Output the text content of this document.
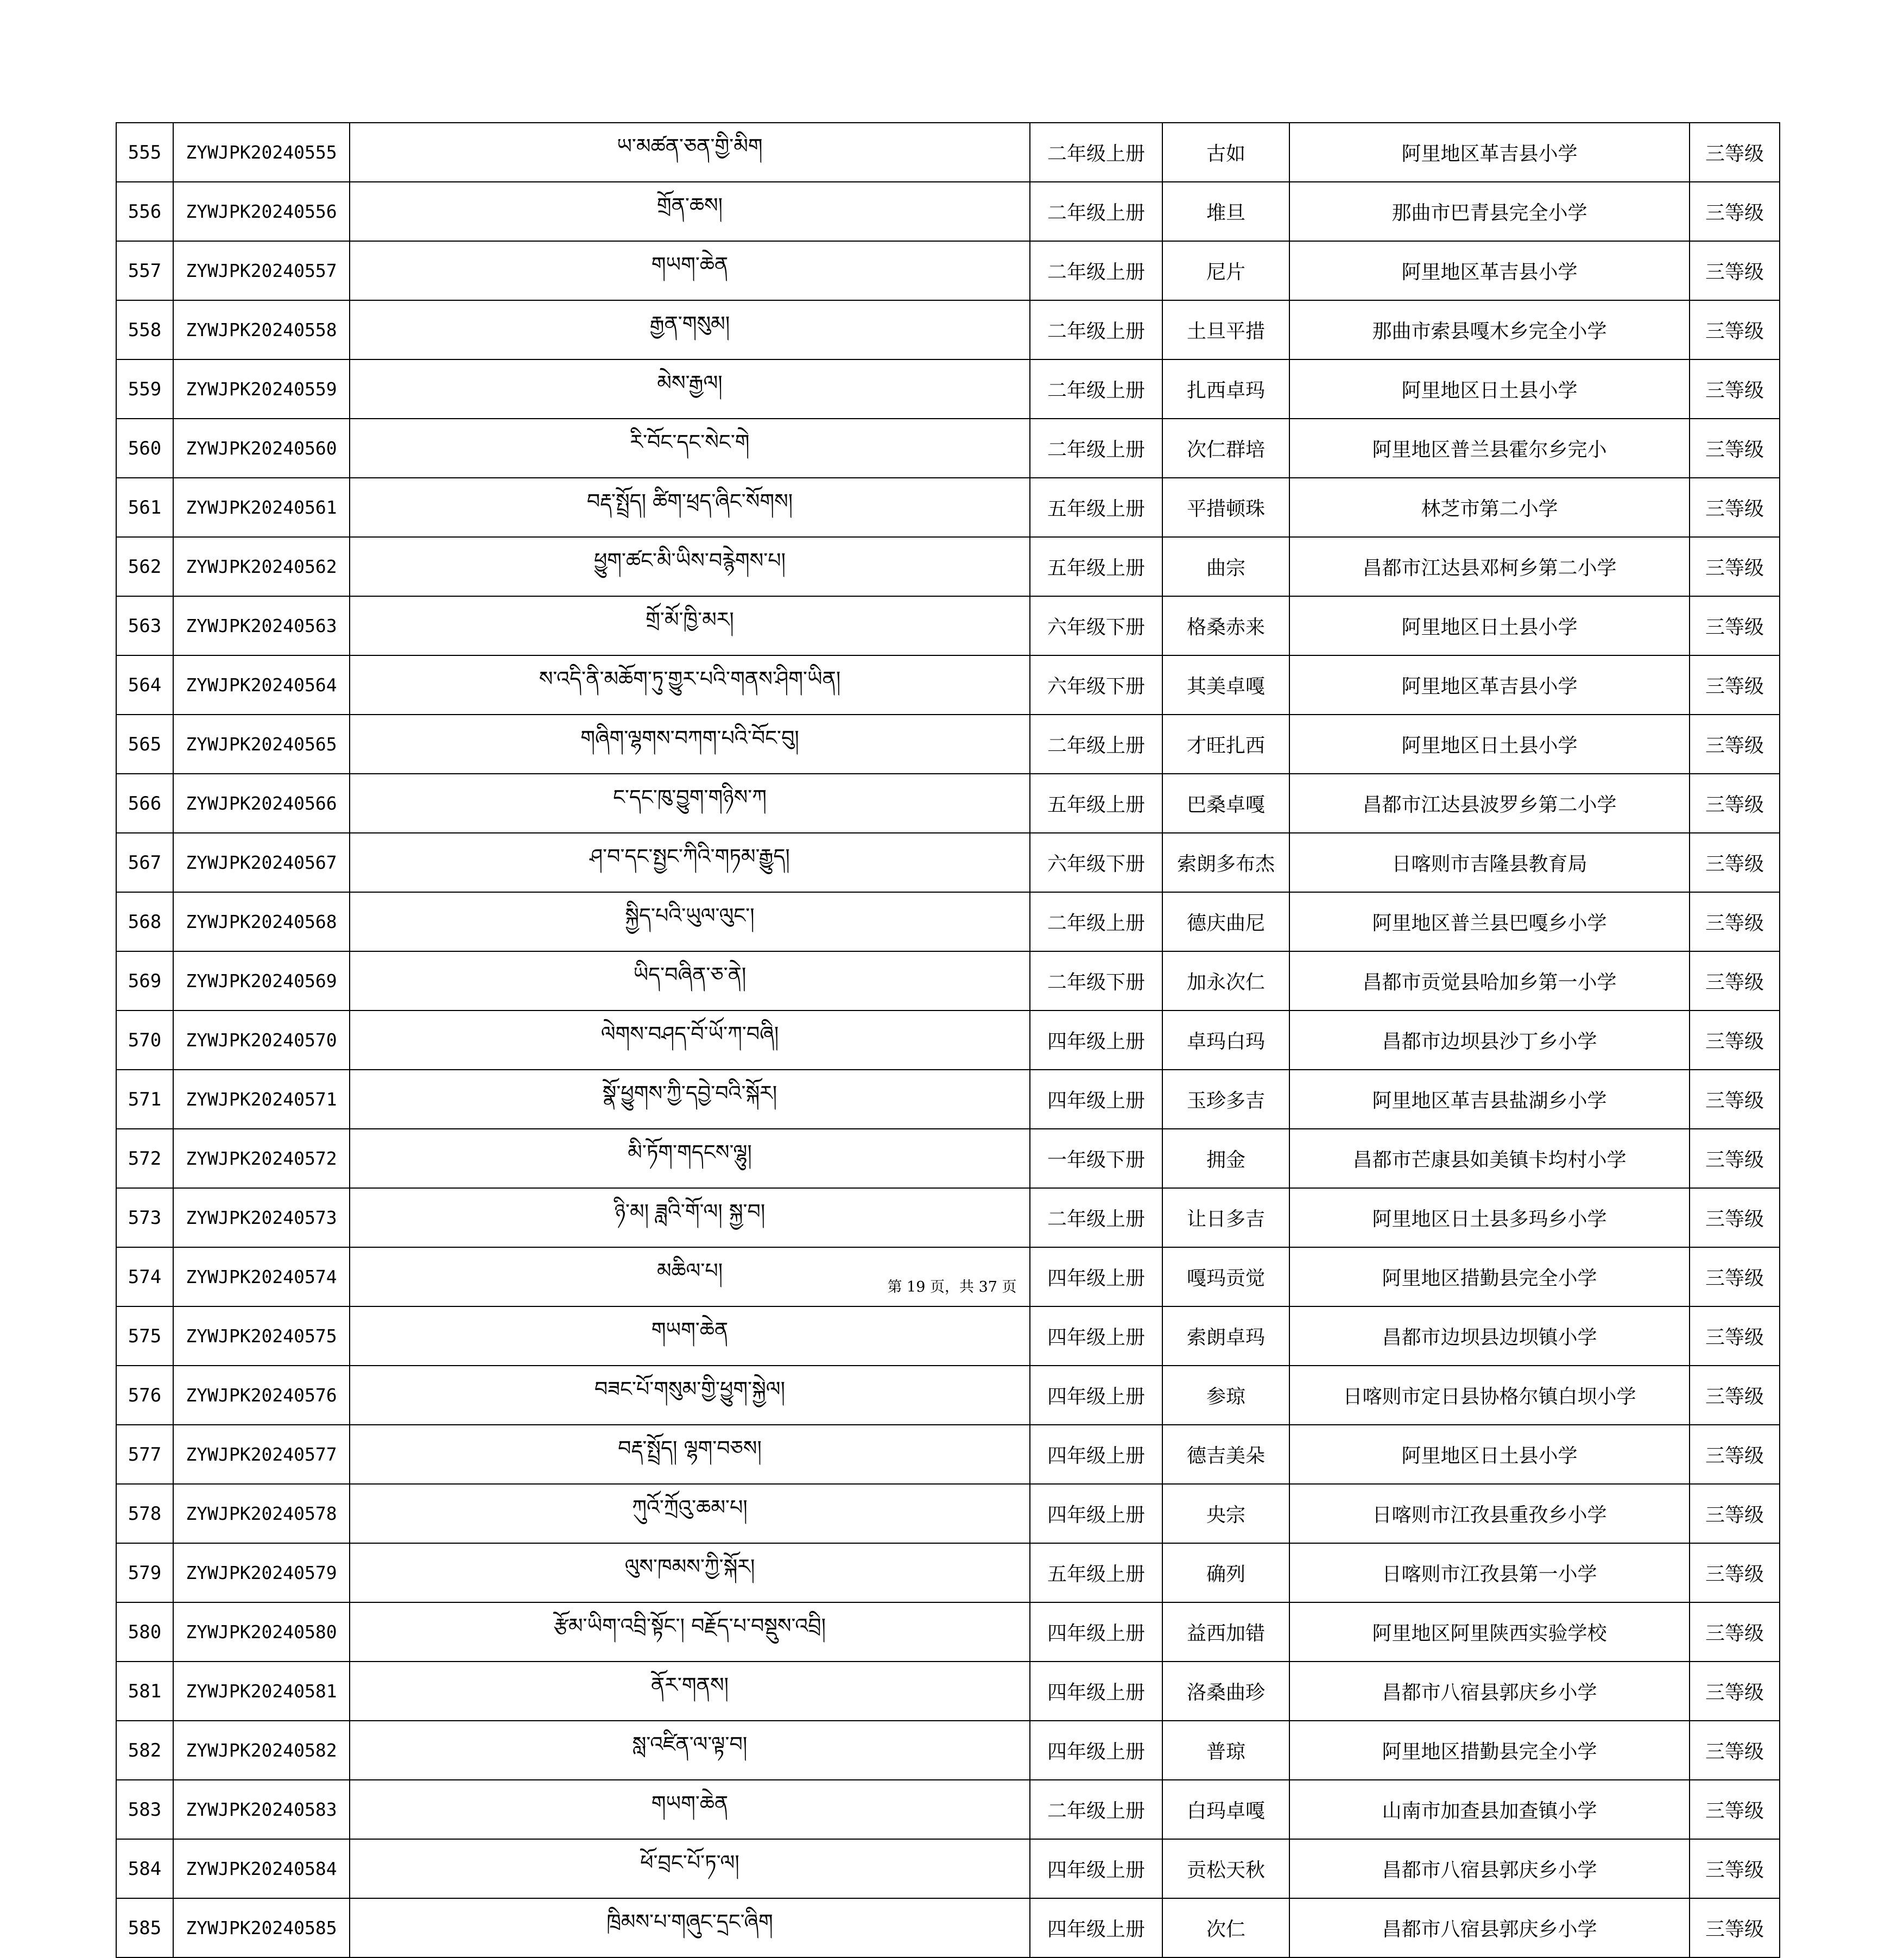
555	ZYWJPK20240555	ཡ་མཚན་ཅན་གྱི་མིག	二年级上册	古如	阿里地区革吉县小学	三等级
556	ZYWJPK20240556	གྲོན་ཆས།	二年级上册	堆旦	那曲市巴青县完全小学	三等级
557	ZYWJPK20240557	གཡག་ཆེན	二年级上册	尼片	阿里地区革吉县小学	三等级
558	ZYWJPK20240558	རྒྱན་གསུམ།	二年级上册	土旦平措	那曲市索县嘎木乡完全小学	三等级
559	ZYWJPK20240559	མེས་རྒྱལ།	二年级上册	扎西卓玛	阿里地区日土县小学	三等级
560	ZYWJPK20240560	རི་བོང་དང་སེང་གེ	二年级上册	次仁群培	阿里地区普兰县霍尔乡完小	三等级
561	ZYWJPK20240561	བརྡ་སྤྲོད། ཚིག་ཕྲད་ཞིང་སོགས།	五年级上册	平措顿珠	林芝市第二小学	三等级
562	ZYWJPK20240562	ཕྱུག་ཚང་མི་ཡིས་བརྙེགས་པ།	五年级上册	曲宗	昌都市江达县邓柯乡第二小学	三等级
563	ZYWJPK20240563	གྲོ་མོ་ཁྱི་མར།	六年级下册	格桑赤来	阿里地区日土县小学	三等级
564	ZYWJPK20240564	ས་འདི་ནི་མཆོག་ཏུ་གྱུར་པའི་གནས་ཤིག་ཡིན།	六年级下册	其美卓嘎	阿里地区革吉县小学	三等级
565	ZYWJPK20240565	གཞིག་ལྷགས་བཀག་པའི་བོང་བུ།	二年级上册	才旺扎西	阿里地区日土县小学	三等级
566	ZYWJPK20240566	ང་དང་ཁུ་བྱུག་གཉིས་ཀ	五年级上册	巴桑卓嘎	昌都市江达县波罗乡第二小学	三等级
567	ZYWJPK20240567	ཤ་བ་དང་སྤྱང་ཀིའི་གཏམ་རྒྱུད།	六年级下册	索朗多布杰	日喀则市吉隆县教育局	三等级
568	ZYWJPK20240568	སྐྱིད་པའི་ཡུལ་ལུང་།	二年级上册	德庆曲尼	阿里地区普兰县巴嘎乡小学	三等级
569	ZYWJPK20240569	ཡིད་བཞིན་ཅ་ནེ།	二年级下册	加永次仁	昌都市贡觉县哈加乡第一小学	三等级
570	ZYWJPK20240570	ལེགས་བཤད་བོ་ཡོ་ཀ་བཞི།	四年级上册	卓玛白玛	昌都市边坝县沙丁乡小学	三等级
571	ZYWJPK20240571	སྣོ་ཕྱུགས་ཀྱི་དབྱེ་བའི་སྐོར།	四年级上册	玉珍多吉	阿里地区革吉县盐湖乡小学	三等级
572	ZYWJPK20240572	མི་ཏོག་གདངས་ལྷུ།	一年级下册	拥金	昌都市芒康县如美镇卡均村小学	三等级
573	ZYWJPK20240573	ཉི་མ། ཟླའི་གོ་ལ། སྐྱ་བ།	二年级上册	让日多吉	阿里地区日土县多玛乡小学	三等级
574	ZYWJPK20240574	མཆིལ་པ།	四年级上册	嘎玛贡觉	阿里地区措勤县完全小学	三等级
575	ZYWJPK20240575	གཡག་ཆེན	四年级上册	索朗卓玛	昌都市边坝县边坝镇小学	三等级
576	ZYWJPK20240576	བཟང་པོ་གསུམ་གྱི་ཕྱུག་སྐྱེལ།	四年级上册	参琼	日喀则市定日县协格尔镇白坝小学	三等级
577	ZYWJPK20240577	བརྡ་སྤྲོད། ལྷག་བཅས།	四年级上册	德吉美朵	阿里地区日土县小学	三等级
578	ZYWJPK20240578	ཀུའོ་ཀྲོའུ་ཆམ་པ།	四年级上册	央宗	日喀则市江孜县重孜乡小学	三等级
579	ZYWJPK20240579	ལུས་ཁམས་ཀྱི་སྐོར།	五年级上册	确列	日喀则市江孜县第一小学	三等级
580	ZYWJPK20240580	རྩོམ་ཡིག་འབྲི་སྟོང་། བརྗོད་པ་བསྡུས་འབྲི།	四年级上册	益西加错	阿里地区阿里陕西实验学校	三等级
581	ZYWJPK20240581	ནོར་གནས།	四年级上册	洛桑曲珍	昌都市八宿县郭庆乡小学	三等级
582	ZYWJPK20240582	སླ་འཛིན་ལ་ལྟ་བ།	四年级上册	普琼	阿里地区措勤县完全小学	三等级
583	ZYWJPK20240583	གཡག་ཆེན	二年级上册	白玛卓嘎	山南市加查县加查镇小学	三等级
584	ZYWJPK20240584	ཕོ་བྲང་པོ་ཏ་ལ།	四年级上册	贡松天秋	昌都市八宿县郭庆乡小学	三等级
585	ZYWJPK20240585	ཁྲིམས་པ་གཞུང་དྲང་ཞིག	四年级上册	次仁	昌都市八宿县郭庆乡小学	三等级
第 19 页，共 37 页
